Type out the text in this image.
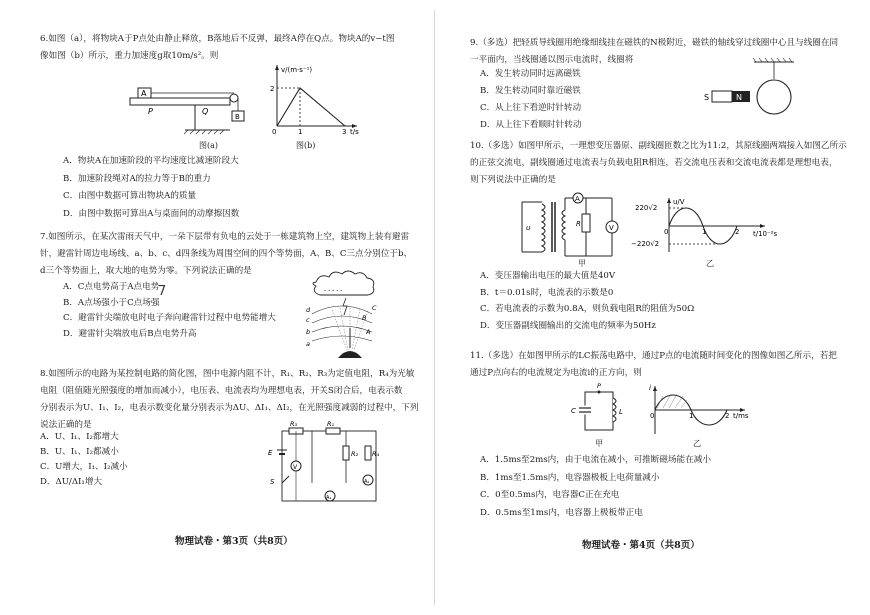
6.如图（a），将物块A于P点处由静止释放，B落地后不反弹，最终A停在Q点。物块A的v−t图

像如图（b）所示，重力加速度g取10m/s²。则

A
B
P	Q
图(a)
v/(m·s⁻¹)
2
0	1	3 t/s
图(b)

A．物块A在加速阶段的平均速度比减速阶段大

B．加速阶段绳对A的拉力等于B的重力

C．由图中数据可算出物块A的质量

D．由图中数据可算出A与桌面间的动摩擦因数

7.如图所示，在某次雷雨天气中，一朵下层带有负电的云处于一栋建筑物上空，建筑物上装有避雷

针，避雷针周边电场线、a、b、c、d四条线为周围空间的四个等势面，A、B、C三点分别位于b、

d三个等势面上，取大地的电势为零。下列说法正确的是

A．C点电势高于A点电势

B．A点场强小于C点场强

C．避雷针尖端放电时电子奔向避雷针过程中电势能增大

D．避雷针尖端放电后B点电势升高

7	- - - - -
d
c
b
a
C
B
A

8.如图所示的电路为某控制电路的简化图，图中电源内阻不计，R₁、R₂、R₃为定值电阻，R₄为光敏

电阻（阻值随光照强度的增加而减小），电压表、电流表均为理想电表，开关S闭合后，电表示数

分别表示为U、I₁、I₂，电表示数变化量分别表示为ΔU、ΔI₁、ΔI₂，在光照强度减弱的过程中，下列

说法正确的是

A．U、I₁、I₂都增大

B．U、I₁、I₂都减小

C．U增大，I₁、I₂减小

D．ΔU/ΔI₁增大

R₃	R₁
R₂ R₄
V
A₁
A₂
E
S
物理试卷・第3页（共8页）

9.（多选）把轻质导线圈用绝缘细线挂在磁铁的N极附近，磁铁的轴线穿过线圈中心且与线圈在同

一平面内，当线圈通以图示电流时，线圈将

A．发生转动同时远离磁铁

B．发生转动同时靠近磁铁

C．从上往下看逆时针转动

D．从上往下看顺时针转动

S	N

10.（多选）如图甲所示，一理想变压器原、副线圈匝数之比为11:2，其原线圈两端接入如图乙所示

的正弦交流电，副线圈通过电流表与负载电阻R相连，若交流电压表和交流电流表都是理想电表，

则下列说法中正确的是

u
A
R	V
甲
u/V
220√2
−220√2
0	1	2 t/10⁻²s
乙

A．变压器输出电压的最大值是40V

B．t＝0.01s时，电流表的示数是0

C．若电流表的示数为0.8A，则负载电阻R的阻值为50Ω

D．变压器副线圈输出的交流电的频率为50Hz

11.（多选）在如图甲所示的LC振荡电路中，通过P点的电流随时间变化的图像如图乙所示，若把

通过P点向右的电流规定为电流i的正方向，则

C	L
P
甲
i
0	1	2 t/ms
乙

A．1.5ms至2ms内，由于电流在减小，可推断磁场能在减小

B．1ms至1.5ms内，电容器极板上电荷量减小

C．0至0.5ms内，电容器C正在充电

D．0.5ms至1ms内，电容器上极板带正电

物理试卷・第4页（共8页）
